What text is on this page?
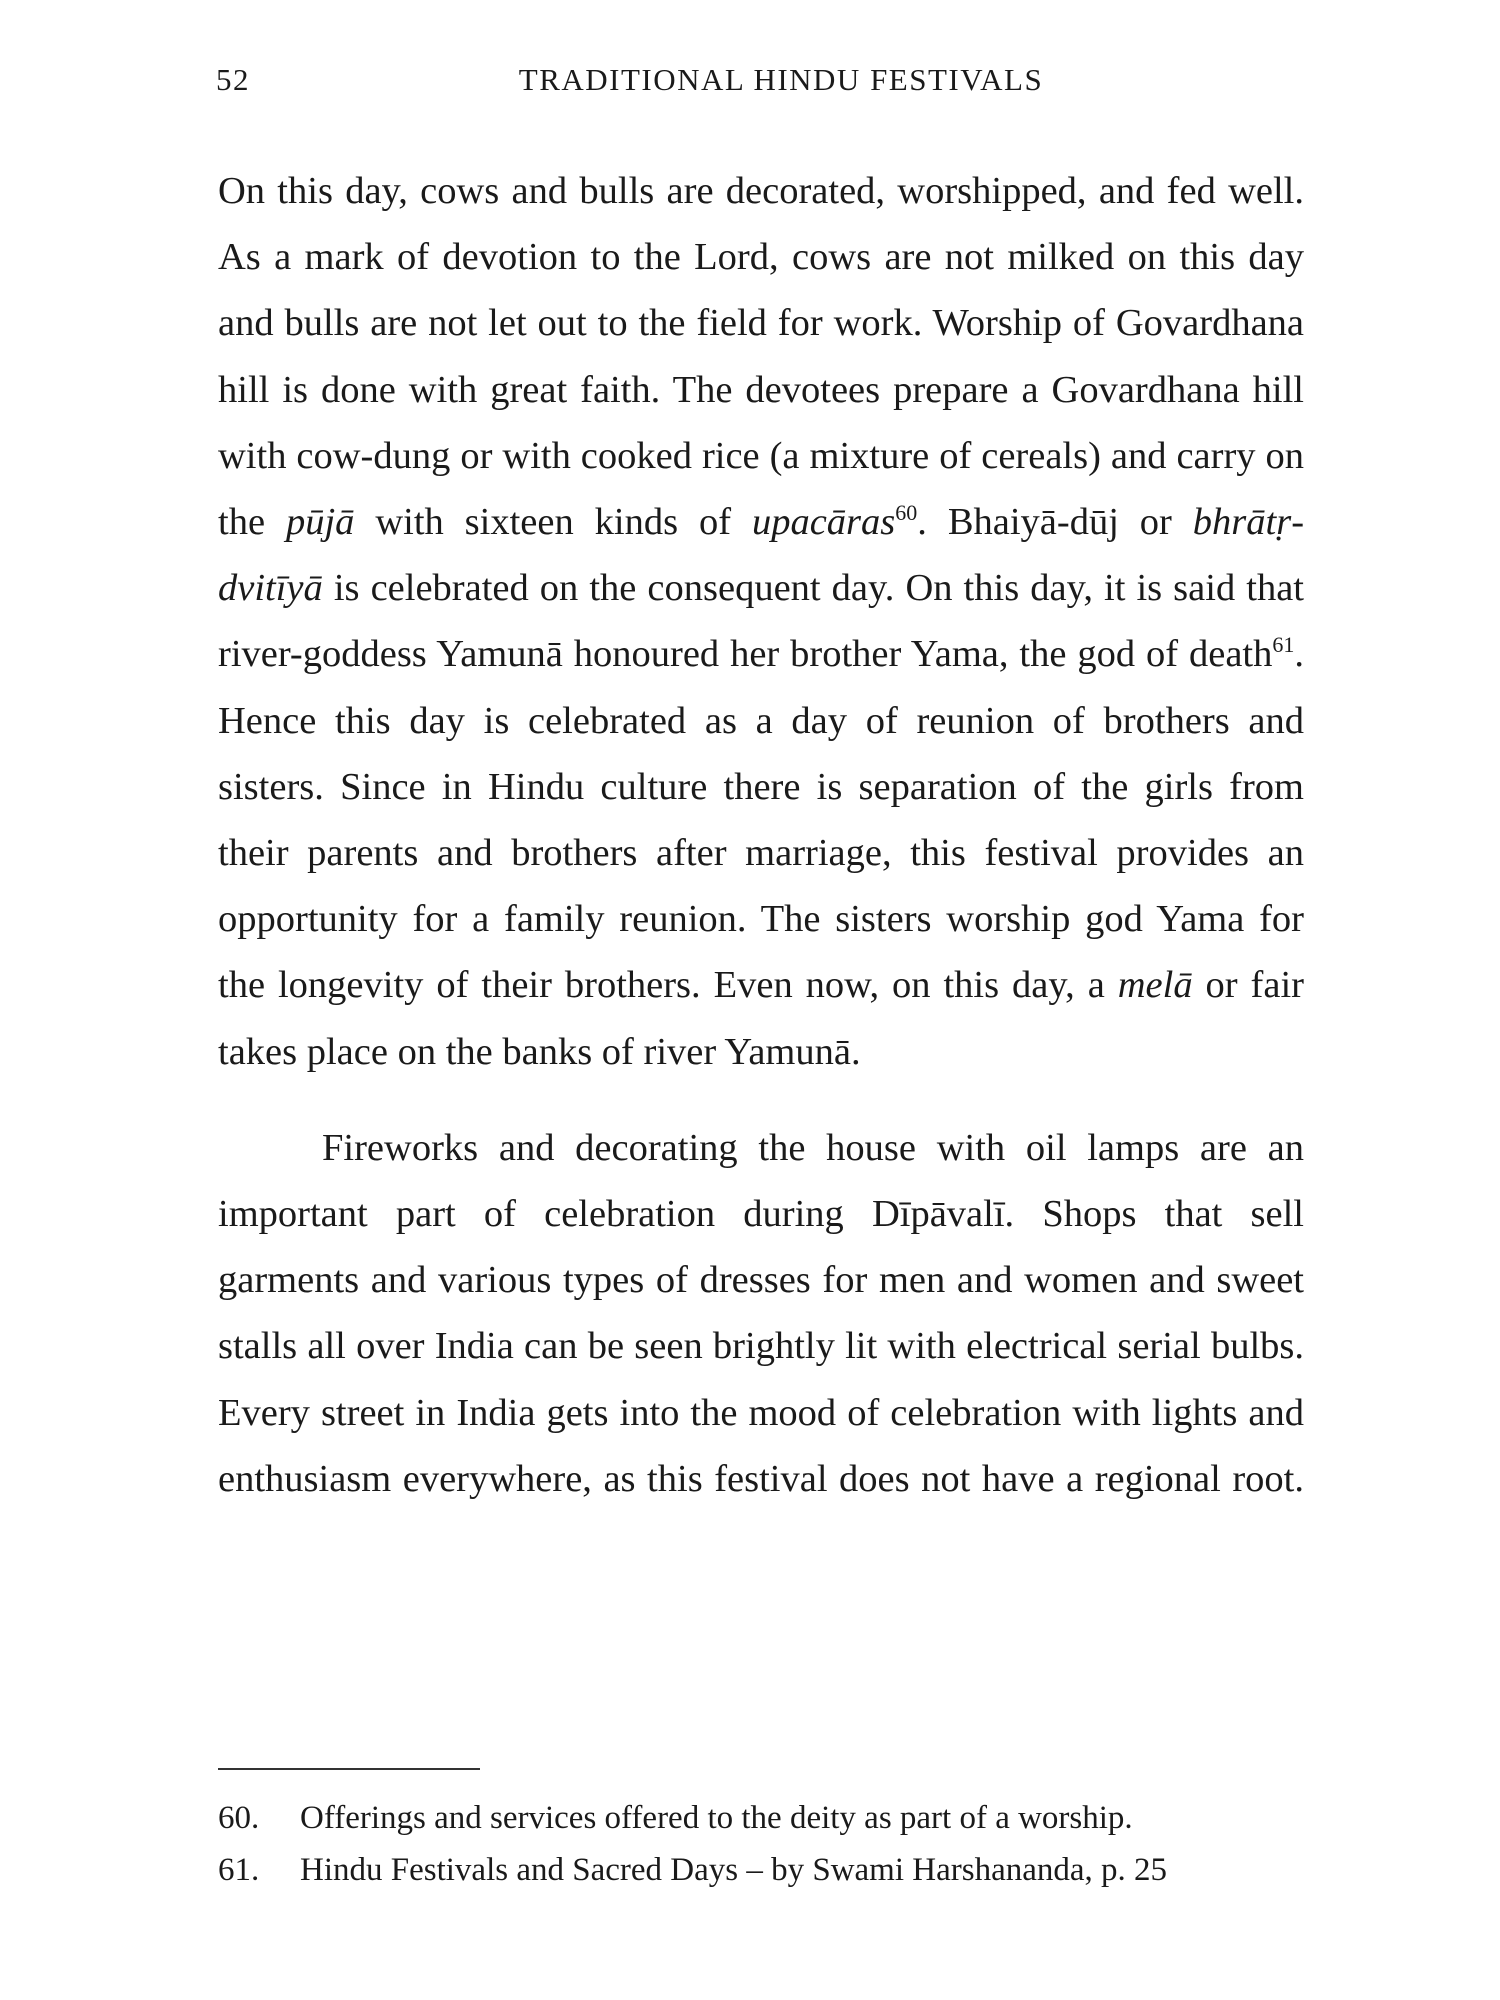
52	TRADITIONAL HINDU FESTIVALS

On this day, cows and bulls are decorated, worshipped, and fed well. As a mark of devotion to the Lord, cows are not milked on this day and bulls are not let out to the field for work. Worship of Govardhana hill is done with great faith. The devotees prepare a Govardhana hill with cow-dung or with cooked rice (a mixture of cereals) and carry on the pūjā with sixteen kinds of upacāras$^{60}$. Bhaiyā-dūj or bhrātṛ-dvitīyā is celebrated on the consequent day. On this day, it is said that river-goddess Yamunā honoured her brother Yama, the god of death$^{61}$. Hence this day is celebrated as a day of reunion of brothers and sisters. Since in Hindu culture there is separation of the girls from their parents and brothers after marriage, this festival provides an opportunity for a family reunion. The sisters worship god Yama for the longevity of their brothers. Even now, on this day, a melā or fair takes place on the banks of river Yamunā.

Fireworks and decorating the house with oil lamps are an important part of celebration during Dīpāvalī. Shops that sell garments and various types of dresses for men and women and sweet stalls all over India can be seen brightly lit with electrical serial bulbs. Every street in India gets into the mood of celebration with lights and enthusiasm everywhere, as this festival does not have a regional root.

60.	Offerings and services offered to the deity as part of a worship.
61.	Hindu Festivals and Sacred Days – by Swami Harshananda, p. 25
